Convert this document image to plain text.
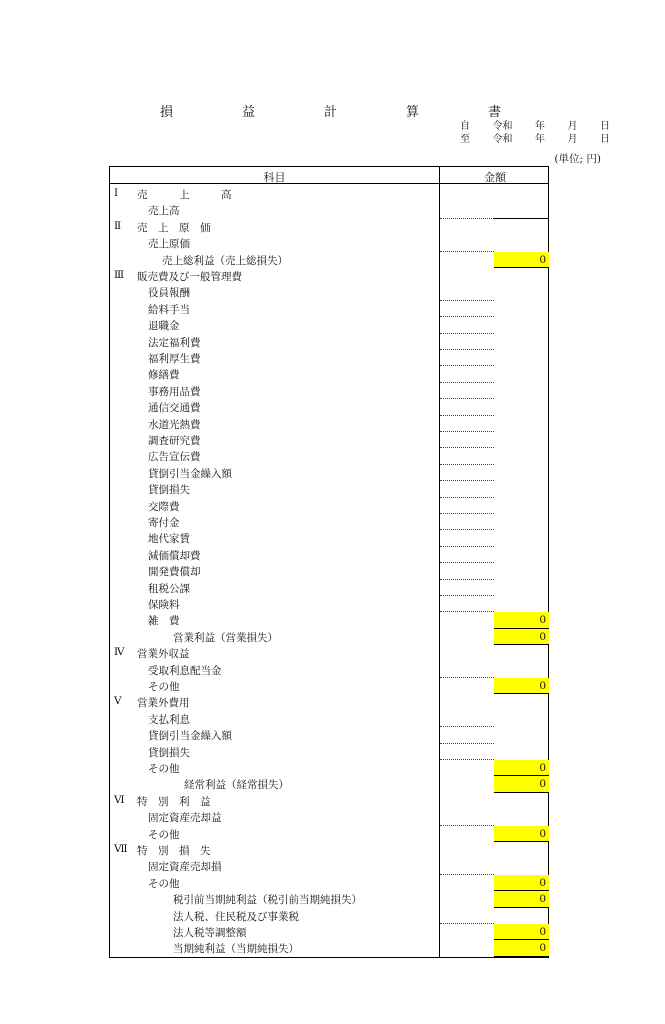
損　益　計　算　書
自 令和 年 月 日
至 令和 年 月 日
(単位; 円)
科目	金額
Ⅰ	売　　　上　　　高
売上高
Ⅱ	売　上　原　価
売上原価
売上総利益（売上総損失）	0
Ⅲ	販売費及び一般管理費
役員報酬
給料手当
退職金
法定福利費
福利厚生費
修繕費
事務用品費
通信交通費
水道光熱費
調査研究費
広告宣伝費
貸倒引当金繰入額
貸倒損失
交際費
寄付金
地代家賃
減価償却費
開発費償却
租税公課
保険料
雑　費	0
営業利益（営業損失）	0
Ⅳ	営業外収益
受取利息配当金
その他	0
Ⅴ	営業外費用
支払利息
貸倒引当金繰入額
貸倒損失
その他	0
経常利益（経常損失）	0
Ⅵ	特　別　利　益
固定資産売却益
その他	0
Ⅶ 特　別　損　失
固定資産売却損
その他	0
税引前当期純利益（税引前当期純損失）	0
法人税、住民税及び事業税
法人税等調整額	0
当期純利益（当期純損失）	0
